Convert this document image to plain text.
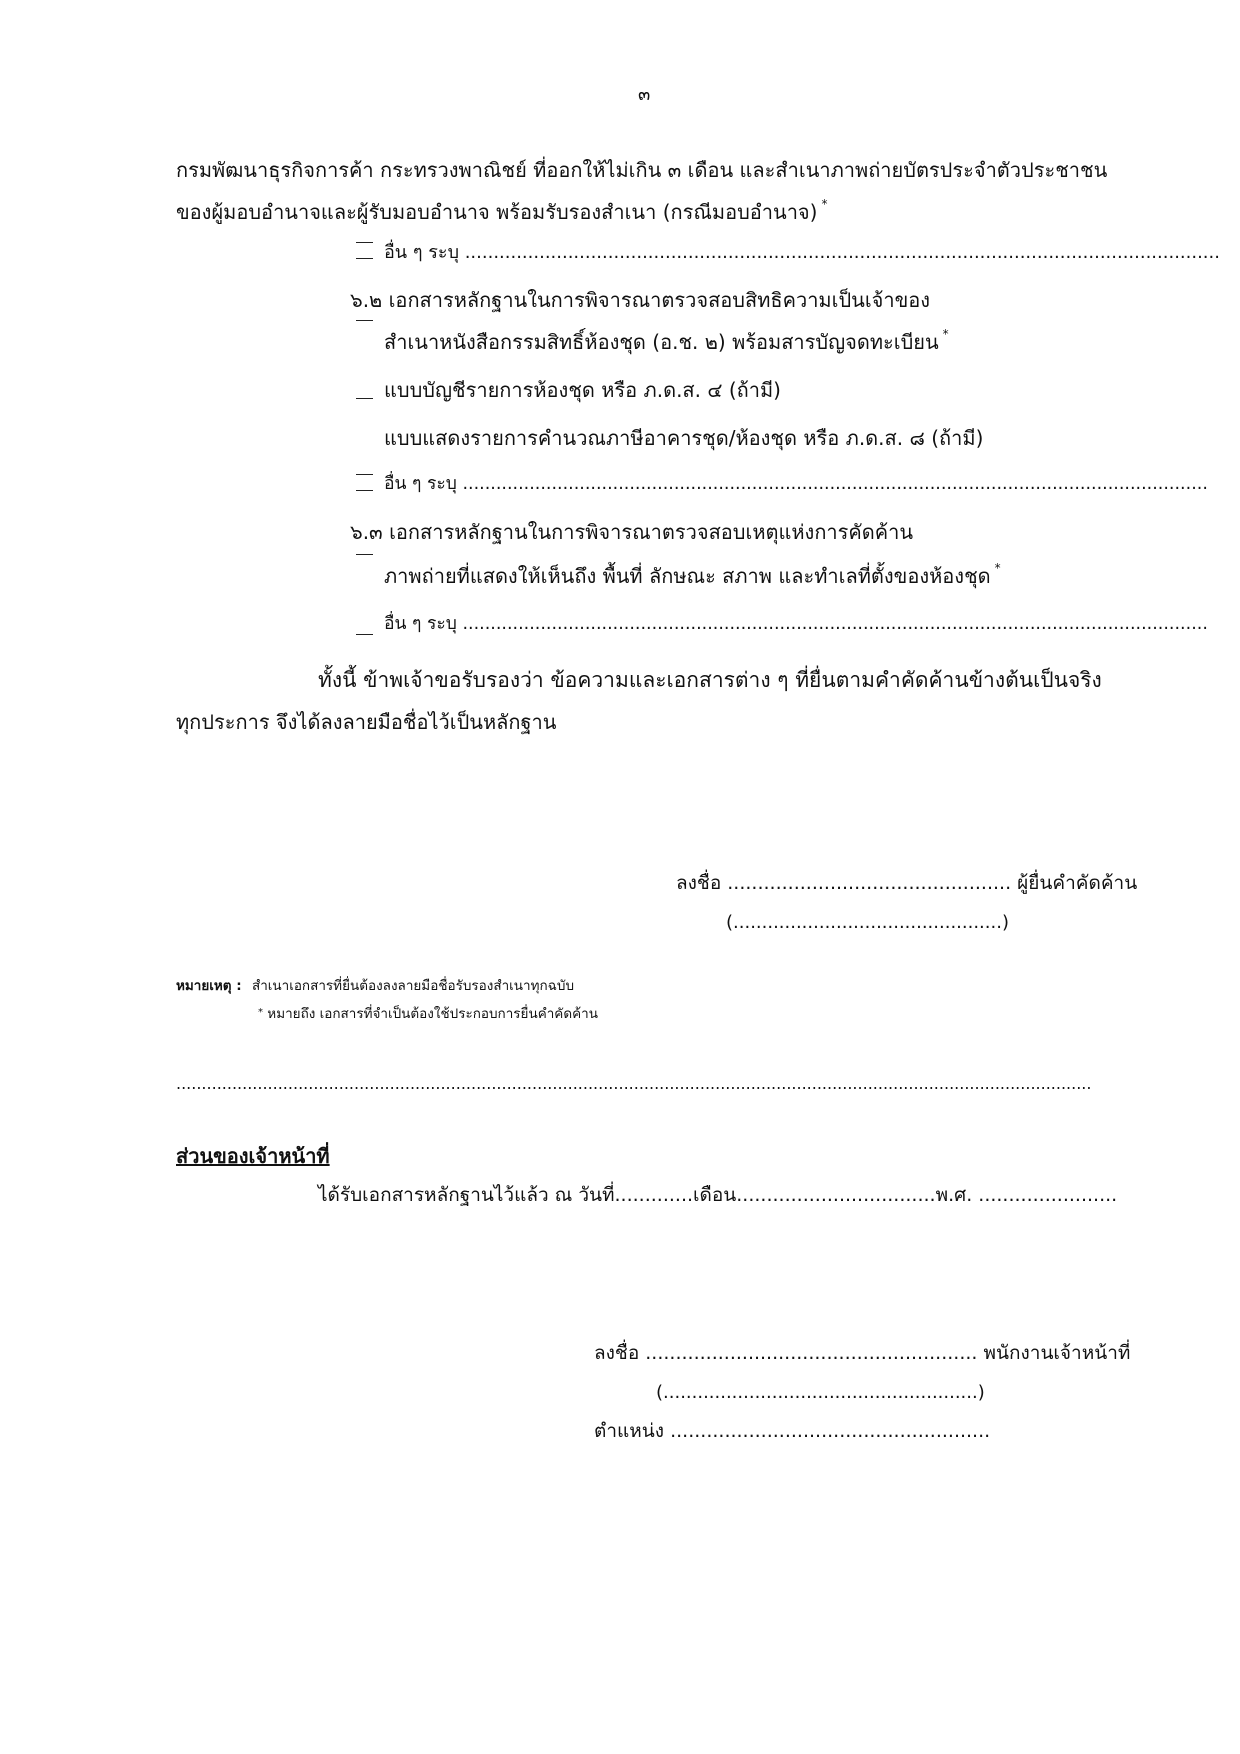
๓
กรมพัฒนาธุรกิจการค้า กระทรวงพาณิชย์ ที่ออกให้ไม่เกิน ๓ เดือน และสำเนาภาพถ่ายบัตรประจำตัวประชาชน
ของผู้มอบอำนาจและผู้รับมอบอำนาจ พร้อมรับรองสำเนา (กรณีมอบอำนาจ) *
อื่น ๆ ระบุ ....................................................................................................................................
๖.๒ เอกสารหลักฐานในการพิจารณาตรวจสอบสิทธิความเป็นเจ้าของ
สำเนาหนังสือกรรมสิทธิ์ห้องชุด (อ.ช. ๒) พร้อมสารบัญจดทะเบียน *
แบบบัญชีรายการห้องชุด หรือ ภ.ด.ส. ๔ (ถ้ามี)
แบบแสดงรายการคำนวณภาษีอาคารชุด/ห้องชุด หรือ ภ.ด.ส. ๘ (ถ้ามี)
อื่น ๆ ระบุ ......................................................................................................................................
๖.๓ เอกสารหลักฐานในการพิจารณาตรวจสอบเหตุแห่งการคัดค้าน
ภาพถ่ายที่แสดงให้เห็นถึง พื้นที่ ลักษณะ สภาพ และทำเลที่ตั้งของห้องชุด *
อื่น ๆ ระบุ ......................................................................................................................................
ทั้งนี้ ข้าพเจ้าขอรับรองว่า ข้อความและเอกสารต่าง ๆ ที่ยื่นตามคำคัดค้านข้างต้นเป็นจริง
ทุกประการ จึงได้ลงลายมือชื่อไว้เป็นหลักฐาน
ลงชื่อ ............................................... ผู้ยื่นคำคัดค้าน
(...............................................)
หมายเหตุ : สำเนาเอกสารที่ยื่นต้องลงลายมือชื่อรับรองสำเนาทุกฉบับ
* หมายถึง เอกสารที่จำเป็นต้องใช้ประกอบการยื่นคำคัดค้าน
....................................................................................................................................................................................
ส่วนของเจ้าหน้าที่
ได้รับเอกสารหลักฐานไว้แล้ว ณ วันที่.............เดือน.................................พ.ศ. .......................
ลงชื่อ ....................................................... พนักงานเจ้าหน้าที่
(.......................................................)
ตำแหน่ง .....................................................
